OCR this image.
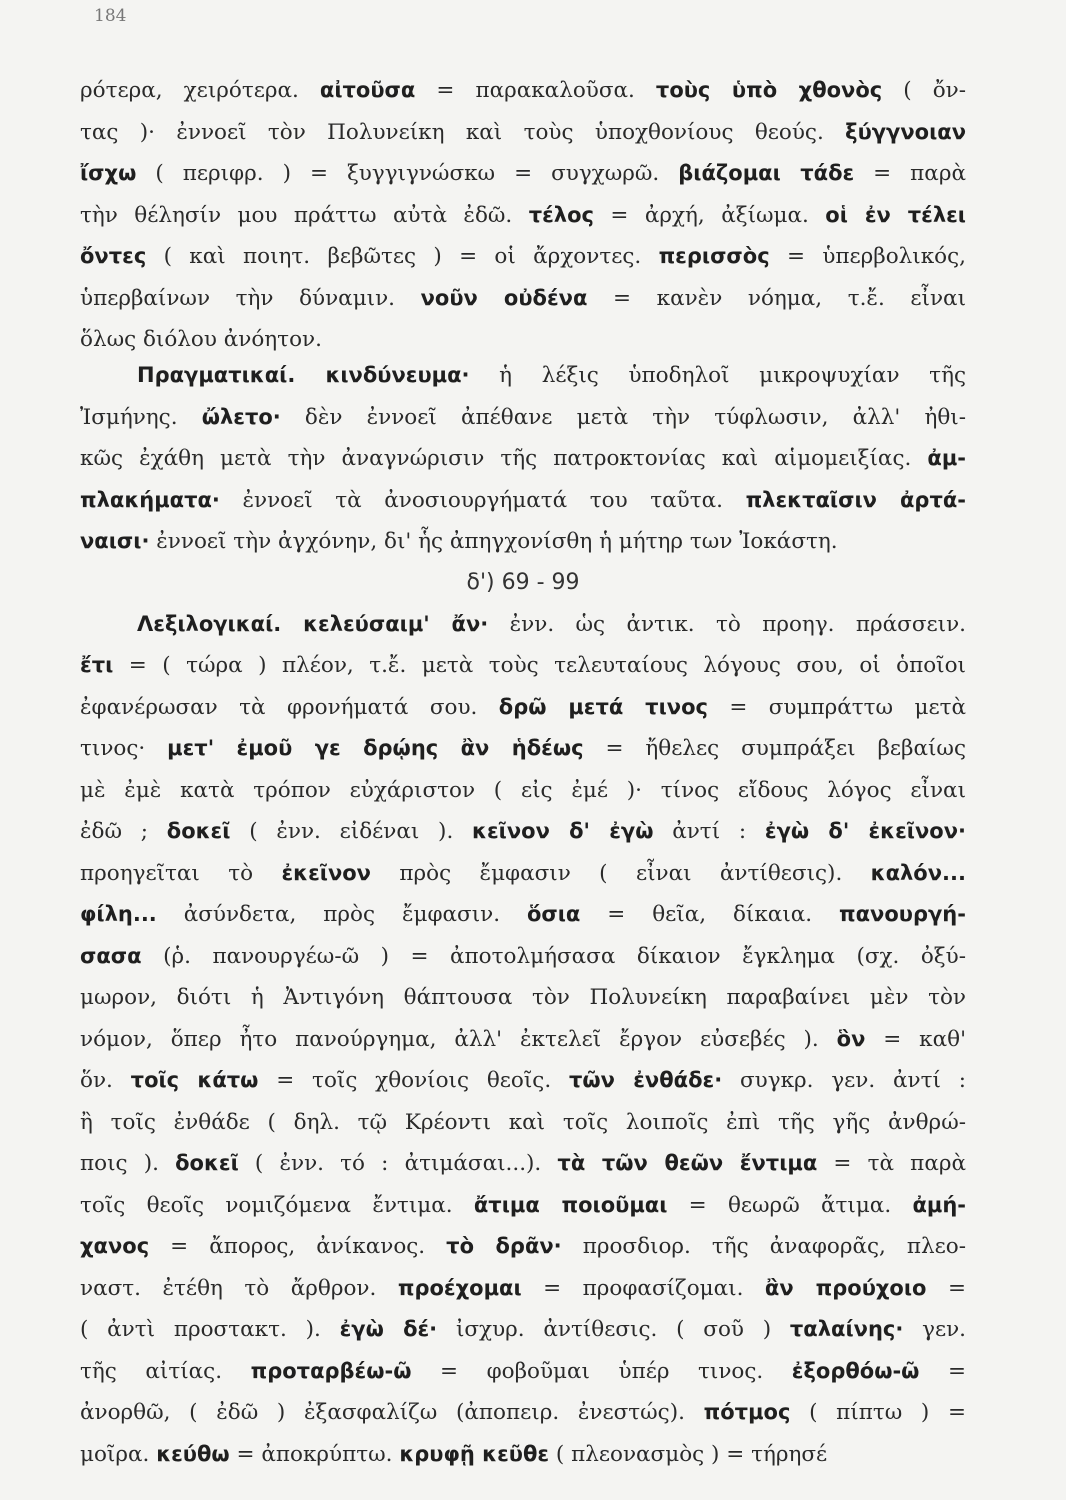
184
ρότερα, χειρότερα. αἰτοῦσα = παρακαλοῦσα. τοὺς ὑπὸ χθονὸς ( ὄν-
τας )· ἐννοεῖ τὸν Πολυνείκη καὶ τοὺς ὑποχθονίους θεούς. ξύγγνοιαν
ἴσχω ( περιφρ. ) = ξυγγιγνώσκω = συγχωρῶ. βιάζομαι τάδε = παρὰ
τὴν θέλησίν μου πράττω αὐτὰ ἐδῶ. τέλος = ἀρχή, ἀξίωμα. οἱ ἐν τέλει
ὄντες ( καὶ ποιητ. βεβῶτες ) = οἱ ἄρχοντες. περισσὸς = ὑπερβολικός,
ὑπερβαίνων τὴν δύναμιν. νοῦν οὐδένα = κανὲν νόημα, τ.ἔ. εἶναι
ὅλως διόλου ἀνόητον.
Πραγματικαί. κινδύνευμα· ἡ λέξις ὑποδηλοῖ μικροψυχίαν τῆς
Ἰσμήνης. ὤλετο· δὲν ἐννοεῖ ἀπέθανε μετὰ τὴν τύφλωσιν, ἀλλ' ἠθι-
κῶς ἐχάθη μετὰ τὴν ἀναγνώρισιν τῆς πατροκτονίας καὶ αἱμομειξίας. ἀμ-
πλακήματα· ἐννοεῖ τὰ ἀνοσιουργήματά του ταῦτα. πλεκταῖσιν ἀρτά-
ναισι· ἐννοεῖ τὴν ἀγχόνην, δι' ἧς ἀπηγχονίσθη ἡ μήτηρ των Ἰοκάστη.
δ') 69 - 99
Λεξιλογικαί. κελεύσαιμ' ἄν· ἐνν. ὡς ἀντικ. τὸ προηγ. πράσσειν.
ἔτι = ( τώρα ) πλέον, τ.ἔ. μετὰ τοὺς τελευταίους λόγους σου, οἱ ὁποῖοι
ἐφανέρωσαν τὰ φρονήματά σου. δρῶ μετά τινος = συμπράττω μετὰ
τινος· μετ' ἐμοῦ γε δρῴης ἂν ἡδέως = ἤθελες συμπράξει βεβαίως
μὲ ἐμὲ κατὰ τρόπον εὐχάριστον ( εἰς ἐμέ )· τίνος εἴδους λόγος εἶναι
ἐδῶ ; δοκεῖ ( ἐνν. εἰδέναι ). κεῖνον δ' ἐγὼ ἀντί : ἐγὼ δ' ἐκεῖνον·
προηγεῖται τὸ ἐκεῖνον πρὸς ἔμφασιν ( εἶναι ἀντίθεσις). καλόν...
φίλη... ἀσύνδετα, πρὸς ἔμφασιν. ὅσια = θεῖα, δίκαια. πανουργή-
σασα (ῥ. πανουργέω-ῶ ) = ἀποτολμήσασα δίκαιον ἔγκλημα (σχ. ὀξύ-
μωρον, διότι ἡ Ἀντιγόνη θάπτουσα τὸν Πολυνείκη παραβαίνει μὲν τὸν
νόμον, ὅπερ ἦτο πανούργημα, ἀλλ' ἐκτελεῖ ἔργον εὐσεβές ). ὃν = καθ'
ὅν. τοῖς κάτω = τοῖς χθονίοις θεοῖς. τῶν ἐνθάδε· συγκρ. γεν. ἀντί :
ἢ τοῖς ἐνθάδε ( δηλ. τῷ Κρέοντι καὶ τοῖς λοιποῖς ἐπὶ τῆς γῆς ἀνθρώ-
ποις ). δοκεῖ ( ἐνν. τό : ἀτιμάσαι...). τὰ τῶν θεῶν ἔντιμα = τὰ παρὰ
τοῖς θεοῖς νομιζόμενα ἔντιμα. ἄτιμα ποιοῦμαι = θεωρῶ ἄτιμα. ἀμή-
χανος = ἄπορος, ἀνίκανος. τὸ δρᾶν· προσδιορ. τῆς ἀναφορᾶς, πλεο-
ναστ. ἐτέθη τὸ ἄρθρον. προέχομαι = προφασίζομαι. ἂν προύχοιο =
( ἀντὶ προστακτ. ). ἐγὼ δέ· ἰσχυρ. ἀντίθεσις. ( σοῦ ) ταλαίνης· γεν.
τῆς αἰτίας. προταρβέω-ῶ = φοβοῦμαι ὑπέρ τινος. ἐξορθόω-ῶ =
ἀνορθῶ, ( ἐδῶ ) ἐξασφαλίζω (ἀποπειρ. ἐνεστώς). πότμος ( πίπτω ) =
μοῖρα. κεύθω = ἀποκρύπτω. κρυφῇ κεῦθε ( πλεονασμὸς ) = τήρησέ
